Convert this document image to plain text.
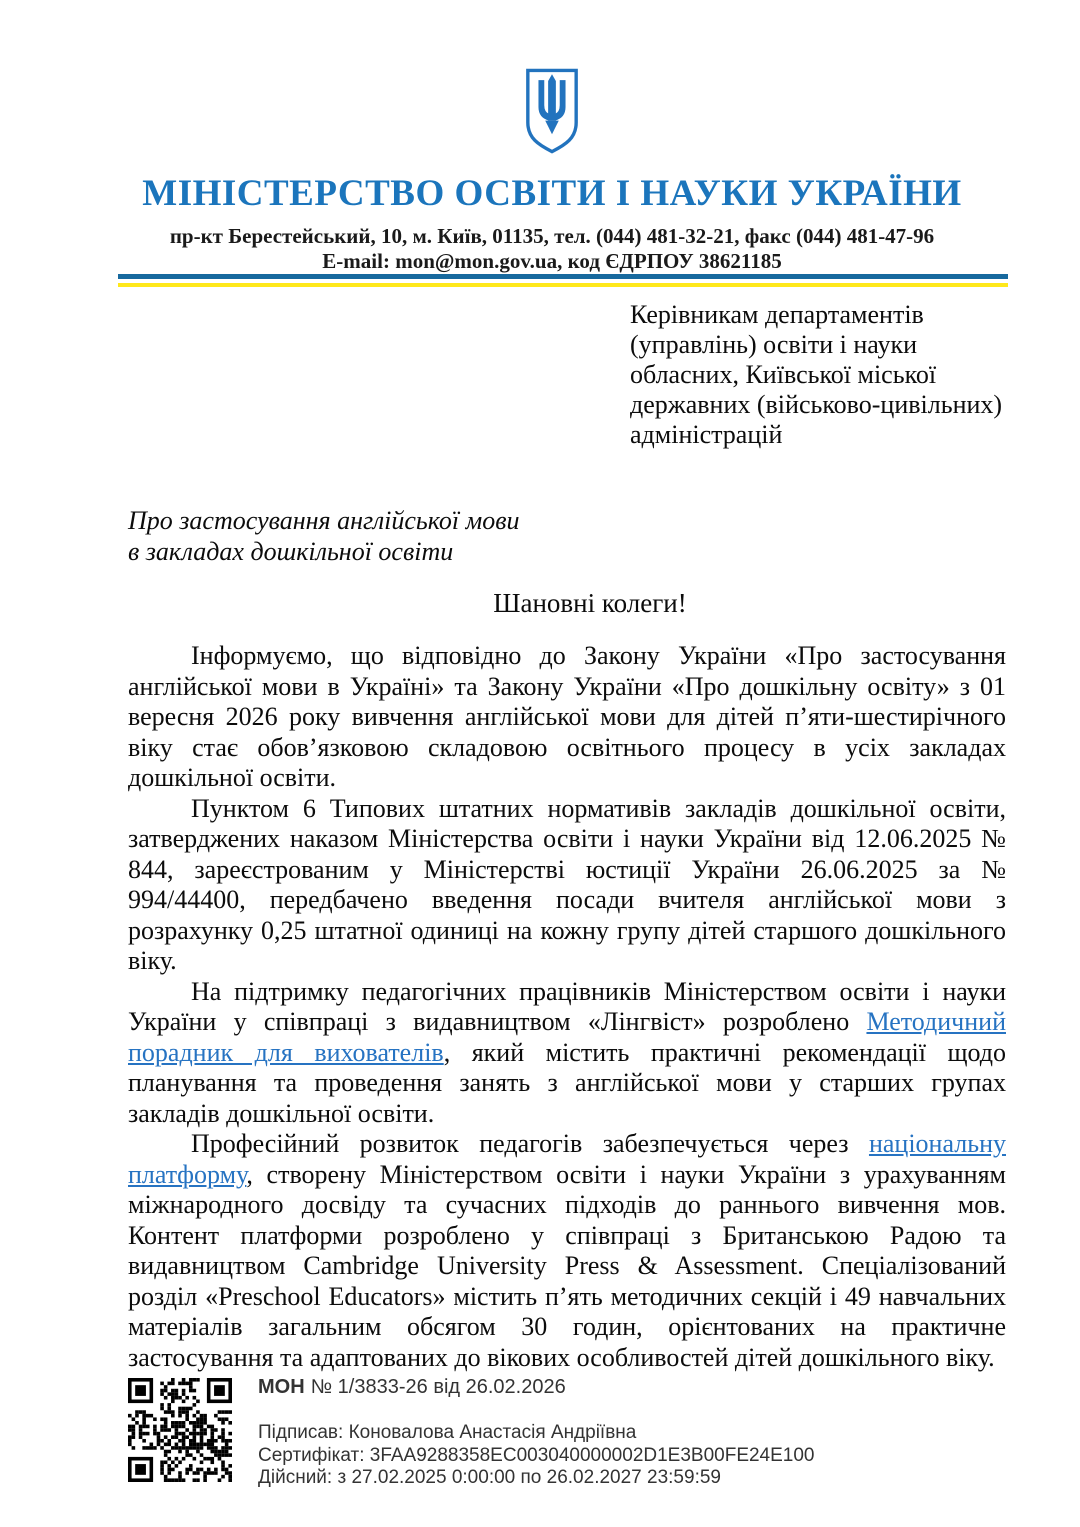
МІНІСТЕРСТВО ОСВІТИ І НАУКИ УКРАЇНИ
пр-кт Берестейський, 10, м. Київ, 01135, тел. (044) 481-32-21, факс (044) 481-47-96
E-mail: mon@mon.gov.ua, код ЄДРПОУ 38621185
Керівникам департаментів
(управлінь) освіти і науки
обласних, Київської міської
державних (військово-цивільних)
адміністрацій
Про застосування англійської мови
в закладах дошкільної освіти
Шановні колеги!

Інформуємо, що відповідно до Закону України «Про застосування англійської мови в Україні» та Закону України «Про дошкільну освіту» з 01 вересня 2026 року вивчення англійської мови для дітей п’яти-шестирічного віку стає обов’язковою складовою освітнього процесу в усіх закладах дошкільної освіти.

Пунктом 6 Типових штатних нормативів закладів дошкільної освіти, затверджених наказом Міністерства освіти і науки України від 12.06.2025 № 844, зареєстрованим у Міністерстві юстиції України 26.06.2025 за № 994/44400, передбачено введення посади вчителя англійської мови з розрахунку 0,25 штатної одиниці на кожну групу дітей старшого дошкільного віку.

На підтримку педагогічних працівників Міністерством освіти і науки України у співпраці з видавництвом «Лінгвіст» розроблено Методичний порадник для вихователів, який містить практичні рекомендації щодо планування та проведення занять з англійської мови у старших групах закладів дошкільної освіти.

Професійний розвиток педагогів забезпечується через національну платформу, створену Міністерством освіти і науки України з урахуванням міжнародного досвіду та сучасних підходів до раннього вивчення мов. Контент платформи розроблено у співпраці з Британською Радою та видавництвом Cambridge University Press & Assessment. Спеціалізований розділ «Preschool Educators» містить п’ять методичних секцій і 49 навчальних матеріалів загальним обсягом 30 годин, орієнтованих на практичне застосування та адаптованих до вікових особливостей дітей дошкільного віку.

МОН № 1/3833-26 від 26.02.2026
Підписав: Коновалова Анастасія Андріївна
Сертифікат: 3FAA9288358EC003040000002D1E3B00FE24E100
Дійсний: з 27.02.2025 0:00:00 по 26.02.2027 23:59:59
